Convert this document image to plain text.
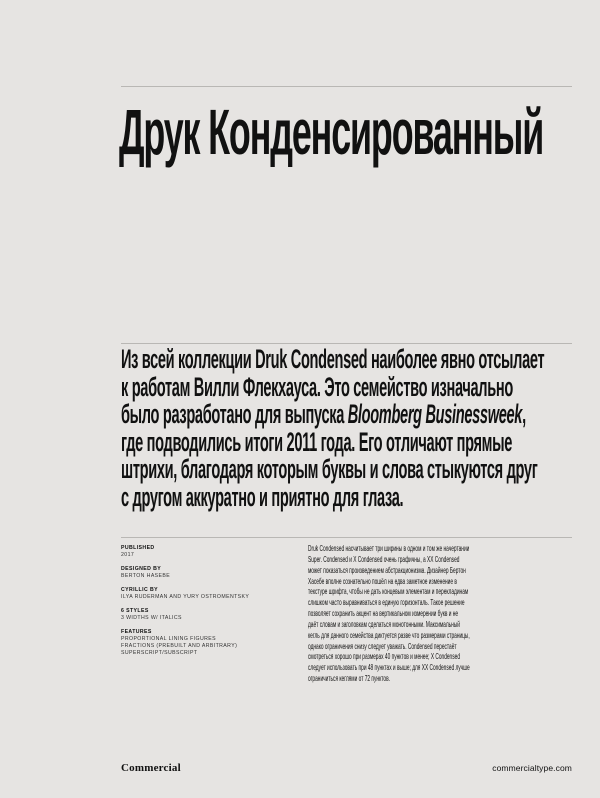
Друк Конденсированный

Из всей коллекции Druk Condensed наиболее явно отсылает
к работам Вилли Флекхауса. Это семейство изначально
было разработано для выпуска Bloomberg Businessweek,
где подводились итоги 2011 года. Его отличают прямые
штрихи, благодаря которым буквы и слова стыкуются друг
с другом аккуратно и приятно для глаза.

PUBLISHED
2017
DESIGNED BY
BERTON HASEBE
CYRILLIC BY
ILYA RUDERMAN AND YURY OSTROMENTSKY
6 STYLES
3 WIDTHS W/ ITALICS
FEATURES
PROPORTIONAL LINING FIGURES
FRACTIONS (PREBUILT AND ARBITRARY)
SUPERSCRIPT/SUBSCRIPT

Druk Condensed насчитывает три ширины в одном и том же начертании
Super. Condensed и X Condensed очень графичны, а XX Condensed
может показаться произведением абстракционизма. Дизайнер Бертон
Хасебе вполне сознательно пошёл на едва заметное изменение в
текстуре шрифта, чтобы не дать концевым элементам и перекладинам
слишком часто выравниваться в единую горизонталь. Такое решение
позволяет сохранить акцент на вертикальном измерении букв и не
даёт словам и заголовкам сделаться монотонными. Максимальный
кегль для данного семейства диктуется разве что размерами страницы,
однако ограничения снизу следует уважать. Condensed перестаёт
смотреться хорошо при размерах 40 пунктов и менее; X Condensed
следует использовать при 48 пунктах и выше; для XX Condensed лучше
ограничиться кеглями от 72 пунктов.

Commercial	commercialtype.com
